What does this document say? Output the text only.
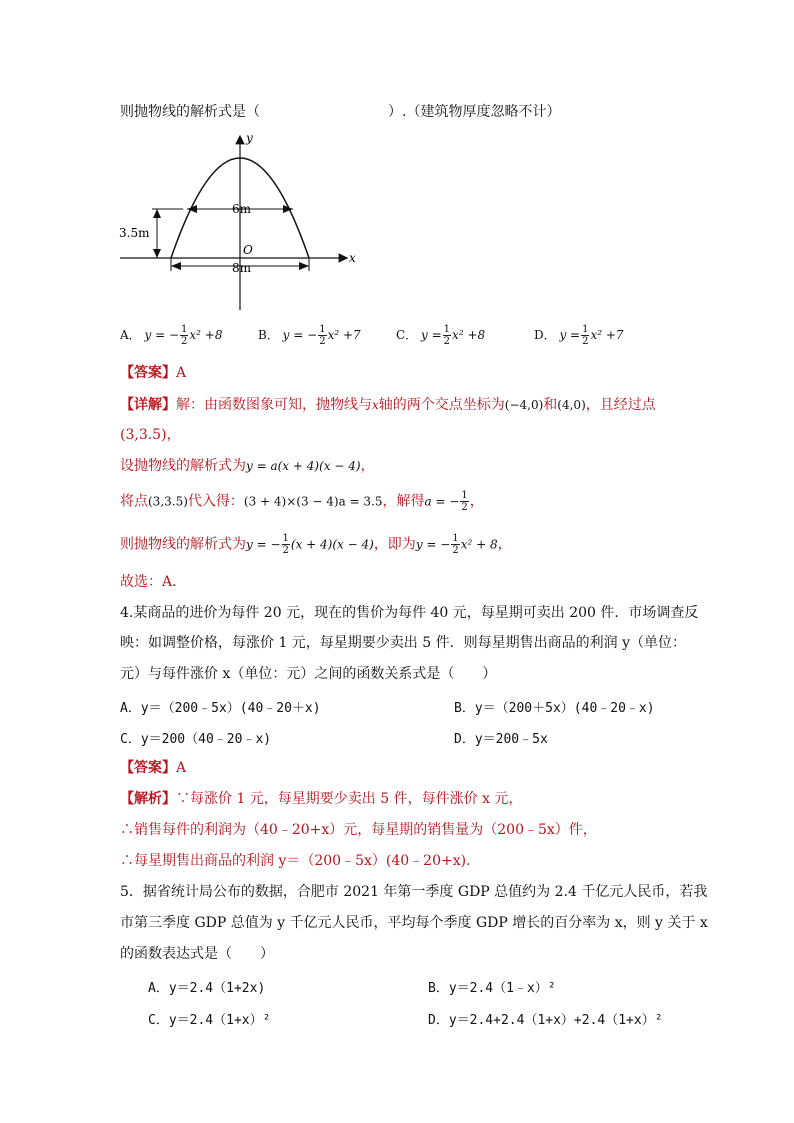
则抛物线的解析式是（	）.（建筑物厚度忽略不计）
y
x
O
6m
3.5m
8m
A． y = − $\frac{1}{2} x^2 +8$	B． y = − $\frac{1}{2} x^2 +7$	C． $y = \frac{1}{2} x^2 +8$	D． $y = \frac{1}{2} x^2 +7$
【答案】A
【详解】解：由函数图象可知，抛物线与x轴的两个交点坐标为(−4,0)和(4,0)，且经过点
(3,3.5)，
设抛物线的解析式为y = a(x + 4)(x − 4)，
将点(3,3.5)代入得：(3 + 4)×(3 − 4)a = 3.5，解得a = − $\frac{1}{2}$ ，
则抛物线的解析式为y = − $\frac{1}{2} (x + 4)(x - 4)$，即为y = − $\frac{1}{2} x^2 + 8$，
故选：A．
4.某商品的进价为每件 20 元，现在的售价为每件 40 元，每星期可卖出 200 件．市场调查反
映：如调整价格，每涨价 1 元，每星期要少卖出 5 件．则每星期售出商品的利润 y（单位：
元）与每件涨价 x（单位：元）之间的函数关系式是（　　）
A．y＝（200﹣5x）(40﹣20＋x)	B．y＝（200＋5x）(40﹣20﹣x)
C．y＝200（40﹣20﹣x)	D．y＝200﹣5x
【答案】A
【解析】∵每涨价 1 元，每星期要少卖出 5 件，每件涨价 x 元，
∴销售每件的利润为（40﹣20+x）元，每星期的销售量为（200﹣5x）件，
∴每星期售出商品的利润 y＝（200﹣5x）(40﹣20+x).
5．据省统计局公布的数据，合肥市 2021 年第一季度 GDP 总值约为 2.4 千亿元人民币，若我
市第三季度 GDP 总值为 y 千亿元人民币，平均每个季度 GDP 增长的百分率为 x，则 y 关于 x
的函数表达式是（　　）
A．y＝2.4（1+2x)	B．y＝2.4（1﹣x）²
C．y＝2.4（1+x）²	D．y＝2.4+2.4（1+x）+2.4（1+x）²
